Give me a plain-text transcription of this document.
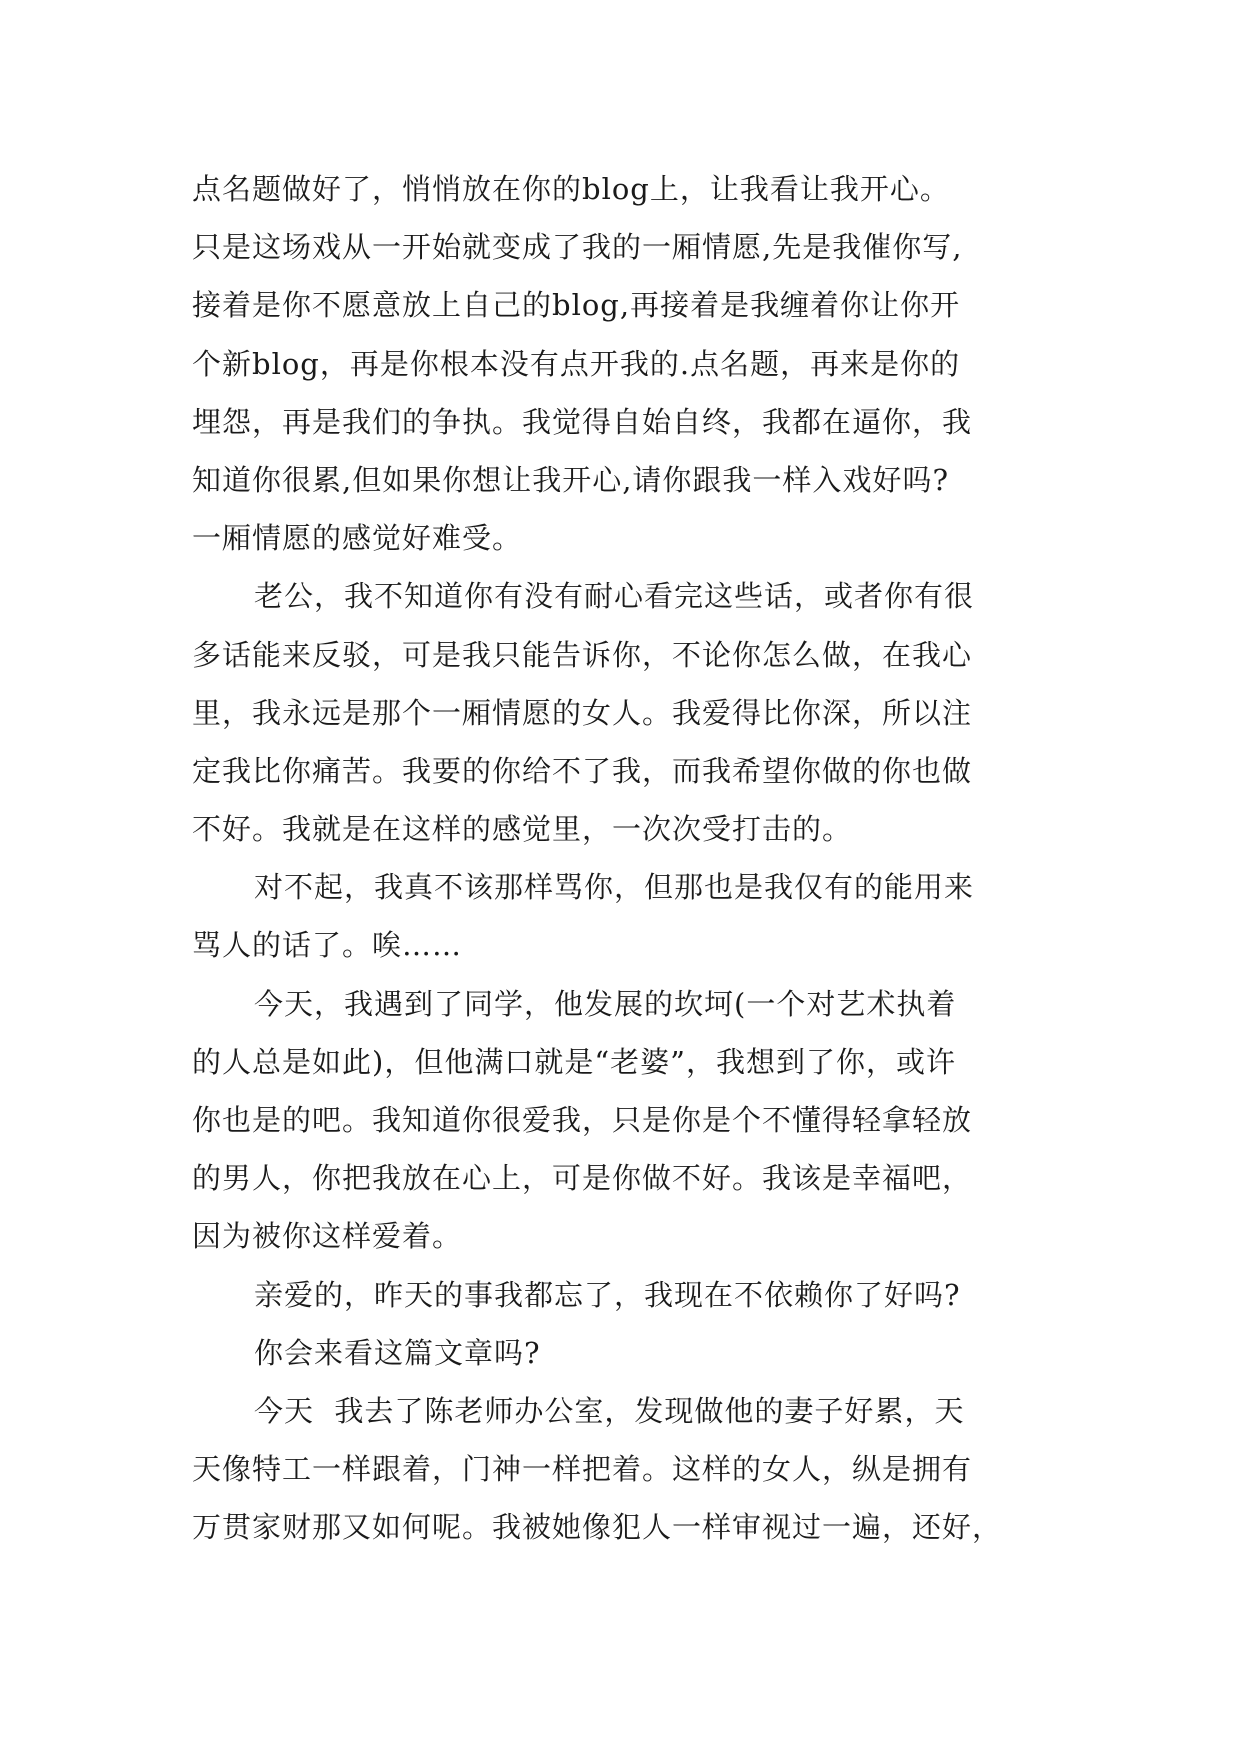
点名题做好了，悄悄放在你的blog上，让我看让我开心。
只是这场戏从一开始就变成了我的一厢情愿,先是我催你写,
接着是你不愿意放上自己的blog,再接着是我缠着你让你开
个新blog，再是你根本没有点开我的.点名题，再来是你的
埋怨，再是我们的争执。我觉得自始自终，我都在逼你，我
知道你很累,但如果你想让我开心,请你跟我一样入戏好吗?
一厢情愿的感觉好难受。
老公，我不知道你有没有耐心看完这些话，或者你有很
多话能来反驳，可是我只能告诉你，不论你怎么做，在我心
里，我永远是那个一厢情愿的女人。我爱得比你深，所以注
定我比你痛苦。我要的你给不了我，而我希望你做的你也做
不好。我就是在这样的感觉里，一次次受打击的。
对不起，我真不该那样骂你，但那也是我仅有的能用来
骂人的话了。唉……
今天，我遇到了同学，他发展的坎坷(一个对艺术执着
的人总是如此)，但他满口就是“老婆”，我想到了你，或许
你也是的吧。我知道你很爱我，只是你是个不懂得轻拿轻放
的男人，你把我放在心上，可是你做不好。我该是幸福吧，
因为被你这样爱着。
亲爱的，昨天的事我都忘了，我现在不依赖你了好吗?
你会来看这篇文章吗?
今天  我去了陈老师办公室，发现做他的妻子好累，天
天像特工一样跟着，门神一样把着。这样的女人，纵是拥有
万贯家财那又如何呢。我被她像犯人一样审视过一遍，还好，
